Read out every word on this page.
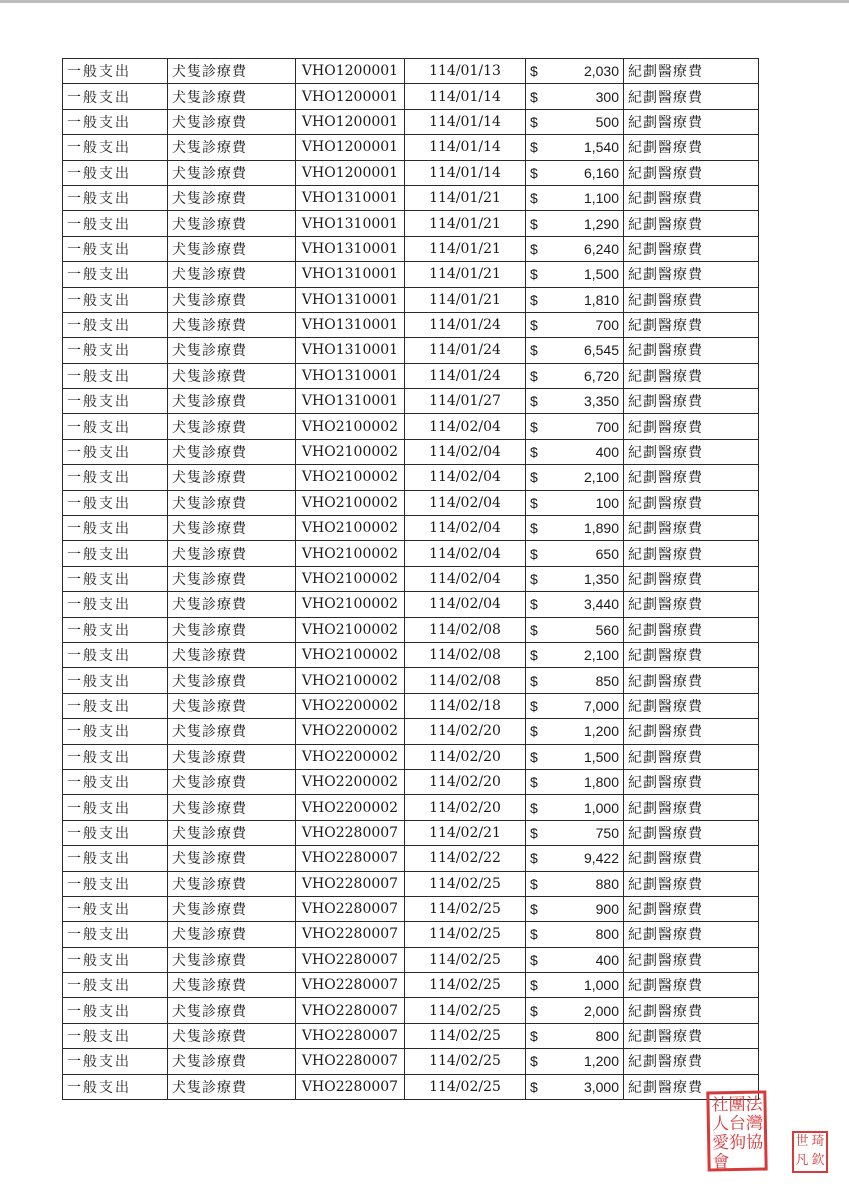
一般支出	犬隻診療費	VHO1200001	114/01/13	$ 2,030	紀劃醫療費
一般支出	犬隻診療費	VHO1200001	114/01/14	$ 300	紀劃醫療費
一般支出	犬隻診療費	VHO1200001	114/01/14	$ 500	紀劃醫療費
一般支出	犬隻診療費	VHO1200001	114/01/14	$ 1,540	紀劃醫療費
一般支出	犬隻診療費	VHO1200001	114/01/14	$ 6,160	紀劃醫療費
一般支出	犬隻診療費	VHO1310001	114/01/21	$ 1,100	紀劃醫療費
一般支出	犬隻診療費	VHO1310001	114/01/21	$ 1,290	紀劃醫療費
一般支出	犬隻診療費	VHO1310001	114/01/21	$ 6,240	紀劃醫療費
一般支出	犬隻診療費	VHO1310001	114/01/21	$ 1,500	紀劃醫療費
一般支出	犬隻診療費	VHO1310001	114/01/21	$ 1,810	紀劃醫療費
一般支出	犬隻診療費	VHO1310001	114/01/24	$ 700	紀劃醫療費
一般支出	犬隻診療費	VHO1310001	114/01/24	$ 6,545	紀劃醫療費
一般支出	犬隻診療費	VHO1310001	114/01/24	$ 6,720	紀劃醫療費
一般支出	犬隻診療費	VHO1310001	114/01/27	$ 3,350	紀劃醫療費
一般支出	犬隻診療費	VHO2100002	114/02/04	$ 700	紀劃醫療費
一般支出	犬隻診療費	VHO2100002	114/02/04	$ 400	紀劃醫療費
一般支出	犬隻診療費	VHO2100002	114/02/04	$ 2,100	紀劃醫療費
一般支出	犬隻診療費	VHO2100002	114/02/04	$ 100	紀劃醫療費
一般支出	犬隻診療費	VHO2100002	114/02/04	$ 1,890	紀劃醫療費
一般支出	犬隻診療費	VHO2100002	114/02/04	$ 650	紀劃醫療費
一般支出	犬隻診療費	VHO2100002	114/02/04	$ 1,350	紀劃醫療費
一般支出	犬隻診療費	VHO2100002	114/02/04	$ 3,440	紀劃醫療費
一般支出	犬隻診療費	VHO2100002	114/02/08	$ 560	紀劃醫療費
一般支出	犬隻診療費	VHO2100002	114/02/08	$ 2,100	紀劃醫療費
一般支出	犬隻診療費	VHO2100002	114/02/08	$ 850	紀劃醫療費
一般支出	犬隻診療費	VHO2200002	114/02/18	$ 7,000	紀劃醫療費
一般支出	犬隻診療費	VHO2200002	114/02/20	$ 1,200	紀劃醫療費
一般支出	犬隻診療費	VHO2200002	114/02/20	$ 1,500	紀劃醫療費
一般支出	犬隻診療費	VHO2200002	114/02/20	$ 1,800	紀劃醫療費
一般支出	犬隻診療費	VHO2200002	114/02/20	$ 1,000	紀劃醫療費
一般支出	犬隻診療費	VHO2280007	114/02/21	$ 750	紀劃醫療費
一般支出	犬隻診療費	VHO2280007	114/02/22	$ 9,422	紀劃醫療費
一般支出	犬隻診療費	VHO2280007	114/02/25	$ 880	紀劃醫療費
一般支出	犬隻診療費	VHO2280007	114/02/25	$ 900	紀劃醫療費
一般支出	犬隻診療費	VHO2280007	114/02/25	$ 800	紀劃醫療費
一般支出	犬隻診療費	VHO2280007	114/02/25	$ 400	紀劃醫療費
一般支出	犬隻診療費	VHO2280007	114/02/25	$ 1,000	紀劃醫療費
一般支出	犬隻診療費	VHO2280007	114/02/25	$ 2,000	紀劃醫療費
一般支出	犬隻診療費	VHO2280007	114/02/25	$ 800	紀劃醫療費
一般支出	犬隻診療費	VHO2280007	114/02/25	$ 1,200	紀劃醫療費
一般支出	犬隻診療費	VHO2280007	114/02/25	$ 3,000	紀劃醫療費
社 團 法
人 台 灣
愛 狗 協
會
世 琦
凡 欽
